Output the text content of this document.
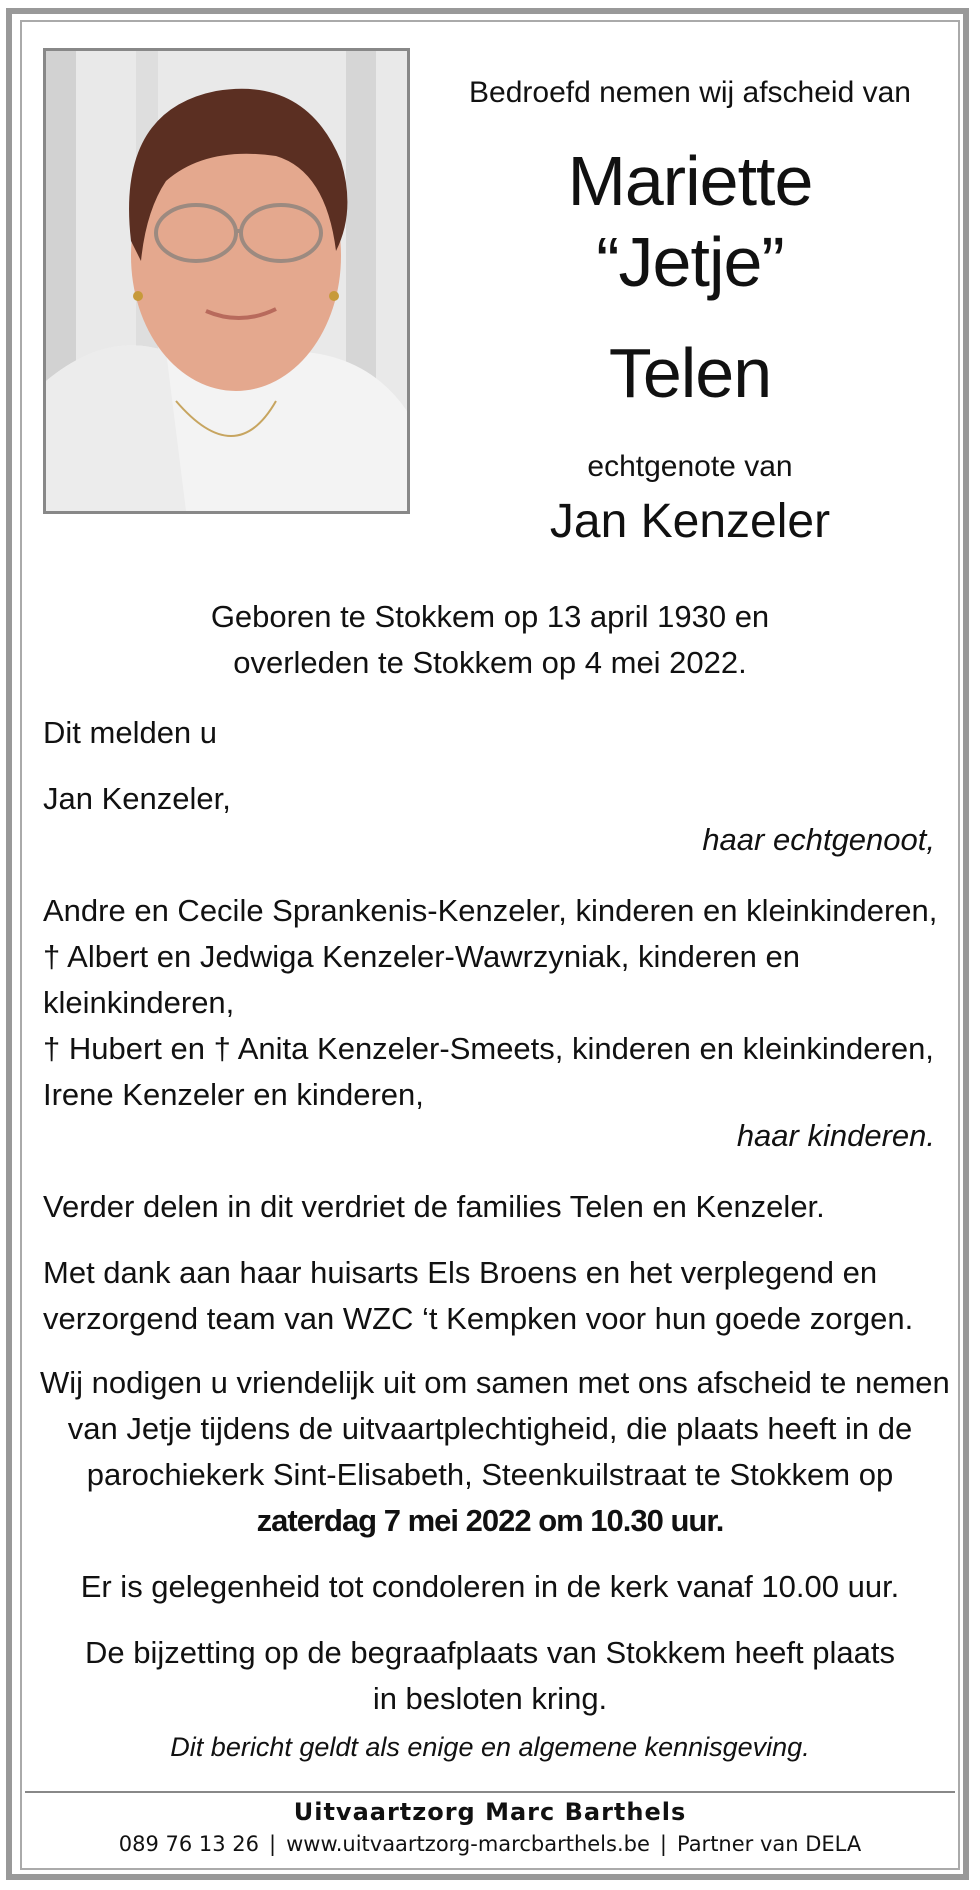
Bedroefd nemen wij afscheid van
Mariette
“Jetje”
Telen
echtgenote van
Jan Kenzeler
Geboren te Stokkem op 13 april 1930 en
overleden te Stokkem op 4 mei 2022.
Dit melden u
Jan Kenzeler,
haar echtgenoot,
Andre en Cecile Sprankenis-Kenzeler, kinderen en kleinkinderen,
† Albert en Jedwiga Kenzeler-Wawrzyniak, kinderen en
kleinkinderen,
† Hubert en † Anita Kenzeler-Smeets, kinderen en kleinkinderen,
Irene Kenzeler en kinderen,
haar kinderen.
Verder delen in dit verdriet de families Telen en Kenzeler.
Met dank aan haar huisarts Els Broens en het verplegend en
verzorgend team van WZC ‘t Kempken voor hun goede zorgen.
Wij nodigen u vriendelijk uit om samen met ons afscheid te nemen
van Jetje tijdens de uitvaartplechtigheid, die plaats heeft in de
parochiekerk Sint-Elisabeth, Steenkuilstraat te Stokkem op
zaterdag 7 mei 2022 om 10.30 uur.
Er is gelegenheid tot condoleren in de kerk vanaf 10.00 uur.
De bijzetting op de begraafplaats van Stokkem heeft plaats
in besloten kring.
Dit bericht geldt als enige en algemene kennisgeving.
Uitvaartzorg Marc Barthels
089 76 13 26 | www.uitvaartzorg-marcbarthels.be | Partner van DELA
